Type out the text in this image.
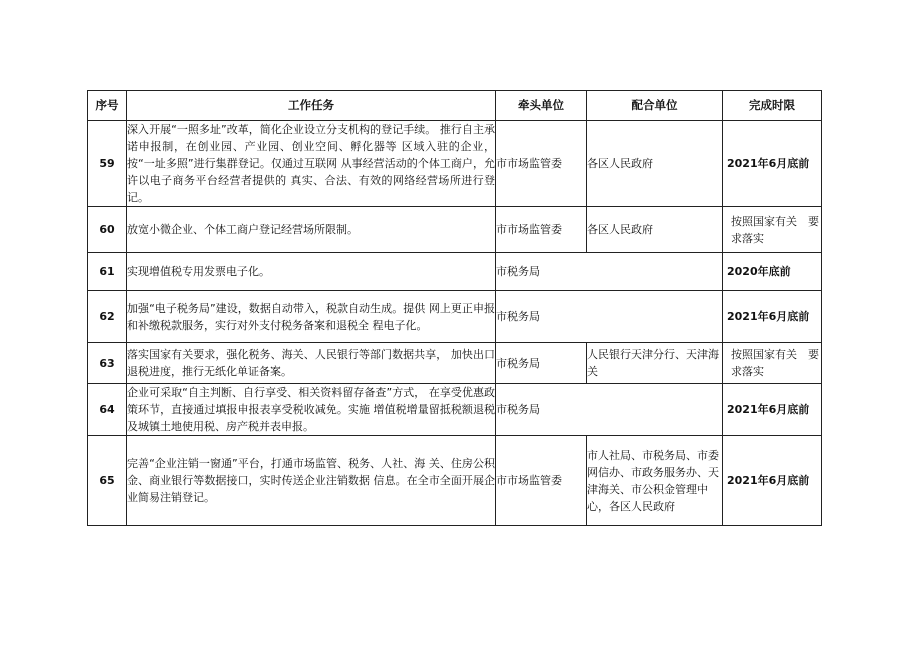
序号	工作任务	牵头单位	配合单位	完成时限
59	深入开展“一照多址”改革，简化企业设立分支机构的登记手续。 推行自主承诺申报制，在创业园、产业园、创业空间、孵化器等 区域入驻的企业，按“一址多照”进行集群登记。仅通过互联网 从事经营活动的个体工商户，允许以电子商务平台经营者提供的 真实、合法、有效的网络经营场所进行登记。	市市场监管委	各区人民政府	2021年6月底前
60	放宽小微企业、个体工商户登记经营场所限制。	市市场监管委	各区人民政府	按照国家有关　要求落实
61	实现增值税专用发票电子化。	市税务局		2020年底前
62	加强“电子税务局”建设，数据自动带入，税款自动生成。提供 网上更正申报和补缴税款服务，实行对外支付税务备案和退税全 程电子化。	市税务局		2021年6月底前
63	落实国家有关要求，强化税务、海关、人民银行等部门数据共享， 加快出口退税进度，推行无纸化单证备案。	市税务局	人民银行天津分行、天津海关	按照国家有关　要求落实
64	企业可采取“自主判断、自行享受、相关资料留存备查”方式， 在享受优惠政策环节，直接通过填报申报表享受税收减免。实施 增值税增量留抵税额退税及城镇土地使用税、房产税并表申报。	市税务局		2021年6月底前
65	完善“企业注销一窗通”平台，打通市场监管、税务、人社、海 关、住房公积金、商业银行等数据接口，实时传送企业注销数据 信息。在全市全面开展企业简易注销登记。	市市场监管委	市人社局、市税务局、市委网信办、市政务服务办、天津海关、市公积金管理中心，各区人民政府	2021年6月底前
